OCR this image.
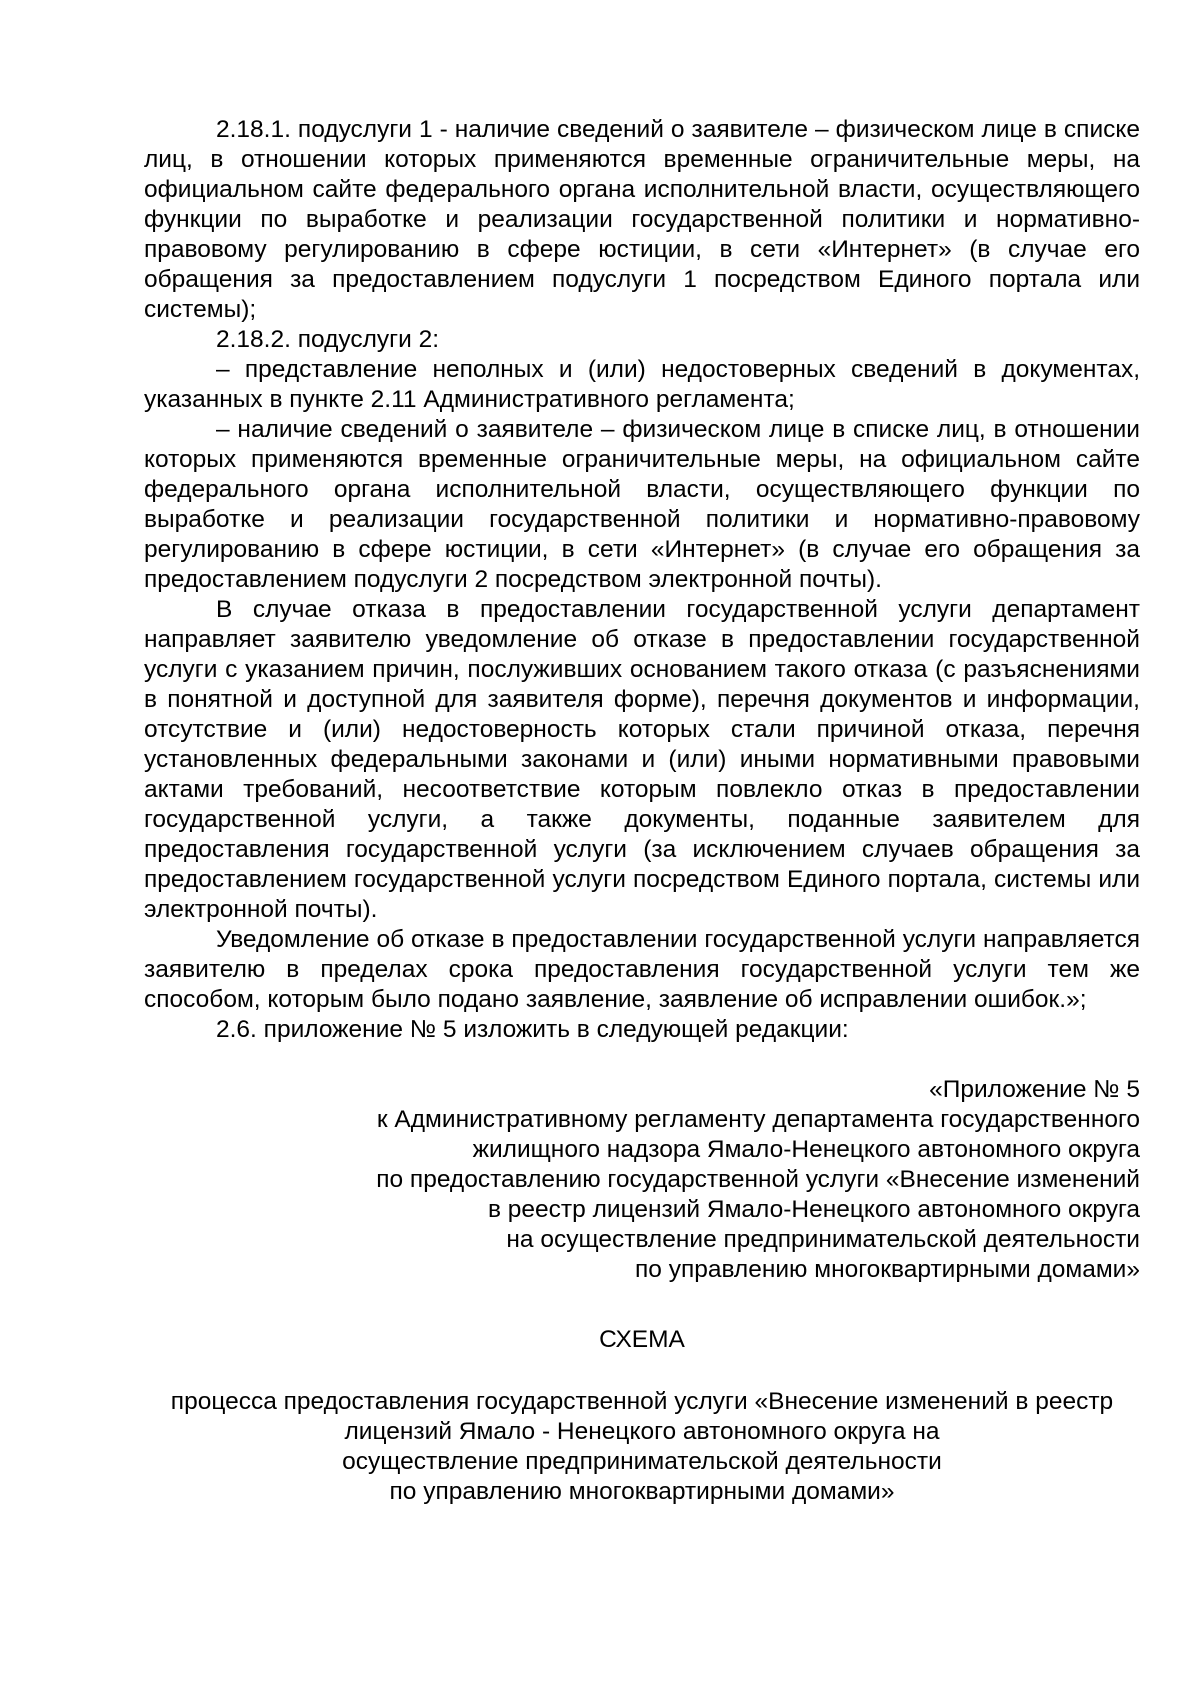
2.18.1. подуслуги 1 - наличие сведений о заявителе – физическом лице в списке лиц, в отношении которых применяются временные ограничительные меры, на официальном сайте федерального органа исполнительной власти, осуществляющего функции по выработке и реализации государственной политики и нормативно-правовому регулированию в сфере юстиции, в сети «Интернет» (в случае его обращения за предоставлением подуслуги 1 посредством Единого портала или системы);

2.18.2. подуслуги 2:

– представление неполных и (или) недостоверных сведений в документах, указанных в пункте 2.11 Административного регламента;

– наличие сведений о заявителе – физическом лице в списке лиц, в отношении которых применяются временные ограничительные меры, на официальном сайте федерального органа исполнительной власти, осуществляющего функции по выработке и реализации государственной политики и нормативно-правовому регулированию в сфере юстиции, в сети «Интернет» (в случае его обращения за предоставлением подуслуги 2 посредством электронной почты).

В случае отказа в предоставлении государственной услуги департамент направляет заявителю уведомление об отказе в предоставлении государственной услуги с указанием причин, послуживших основанием такого отказа (с разъяснениями в понятной и доступной для заявителя форме), перечня документов и информации, отсутствие и (или) недостоверность которых стали причиной отказа, перечня установленных федеральными законами и (или) иными нормативными правовыми актами требований, несоответствие которым повлекло отказ в предоставлении государственной услуги, а также документы, поданные заявителем для предоставления государственной услуги (за исключением случаев обращения за предоставлением государственной услуги посредством Единого портала, системы или электронной почты).

Уведомление об отказе в предоставлении государственной услуги направляется заявителю в пределах срока предоставления государственной услуги тем же способом, которым было подано заявление, заявление об исправлении ошибок.»;

2.6. приложение № 5 изложить в следующей редакции:

«Приложение № 5
к Административному регламенту департамента государственного
жилищного надзора Ямало-Ненецкого автономного округа
по предоставлению государственной услуги «Внесение изменений
в реестр лицензий Ямало-Ненецкого автономного округа
на осуществление предпринимательской деятельности
по управлению многоквартирными домами»
СХЕМА
процесса предоставления государственной услуги «Внесение изменений в реестр
лицензий Ямало - Ненецкого автономного округа на
осуществление предпринимательской деятельности
по управлению многоквартирными домами»
